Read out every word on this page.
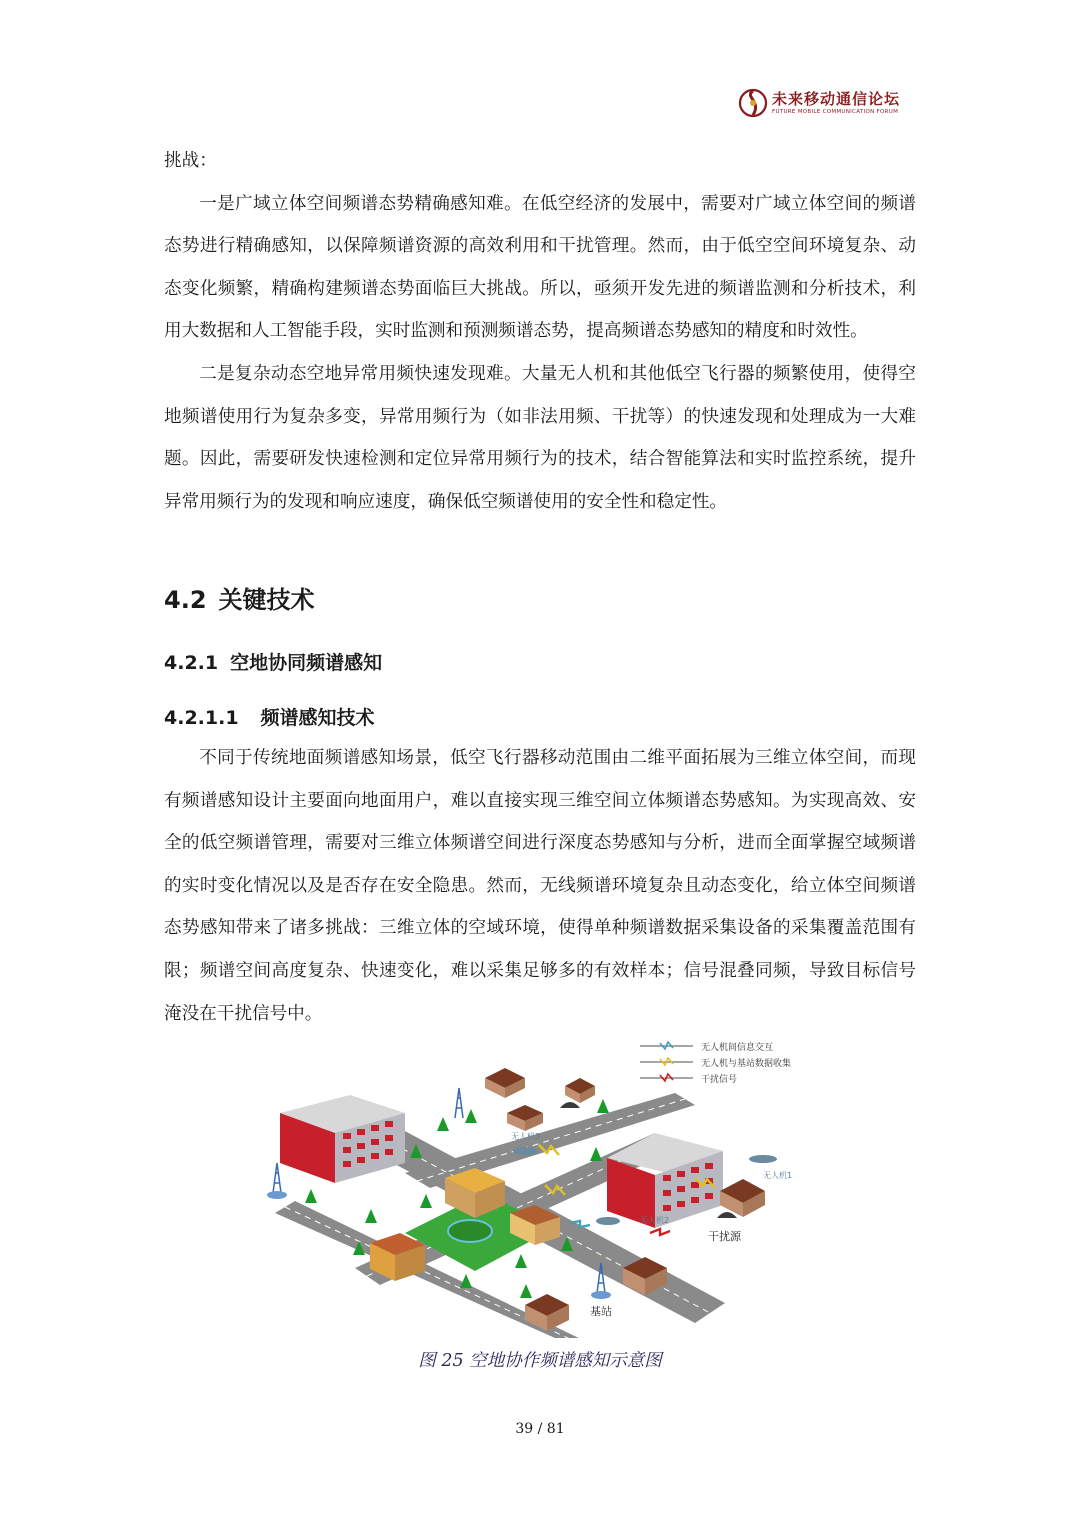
未来移动通信论坛
FUTURE MOBILE COMMUNICATION FORUM

挑战：

一是广域立体空间频谱态势精确感知难。在低空经济的发展中，需要对广域立体空间的频谱态势进行精确感知，以保障频谱资源的高效利用和干扰管理。然而，由于低空空间环境复杂、动态变化频繁，精确构建频谱态势面临巨大挑战。所以，亟须开发先进的频谱监测和分析技术，利用大数据和人工智能手段，实时监测和预测频谱态势，提高频谱态势感知的精度和时效性。

二是复杂动态空地异常用频快速发现难。大量无人机和其他低空飞行器的频繁使用，使得空地频谱使用行为复杂多变，异常用频行为（如非法用频、干扰等）的快速发现和处理成为一大难题。因此，需要研发快速检测和定位异常用频行为的技术，结合智能算法和实时监控系统，提升异常用频行为的发现和响应速度，确保低空频谱使用的安全性和稳定性。

4.2 关键技术
4.2.1 空地协同频谱感知
4.2.1.1 频谱感知技术

不同于传统地面频谱感知场景，低空飞行器移动范围由二维平面拓展为三维立体空间，而现有频谱感知设计主要面向地面用户，难以直接实现三维空间立体频谱态势感知。为实现高效、安全的低空频谱管理，需要对三维立体频谱空间进行深度态势感知与分析，进而全面掌握空域频谱的实时变化情况以及是否存在安全隐患。然而，无线频谱环境复杂且动态变化，给立体空间频谱态势感知带来了诸多挑战：三维立体的空域环境，使得单种频谱数据采集设备的采集覆盖范围有限；频谱空间高度复杂、快速变化，难以采集足够多的有效样本；信号混叠同频，导致目标信号淹没在干扰信号中。

无人机间信息交互
无人机与基站数据收集
干扰信号
无人机3
无人机1
无人机2
干扰源
基站

图 25 空地协作频谱感知示意图

39 / 81
